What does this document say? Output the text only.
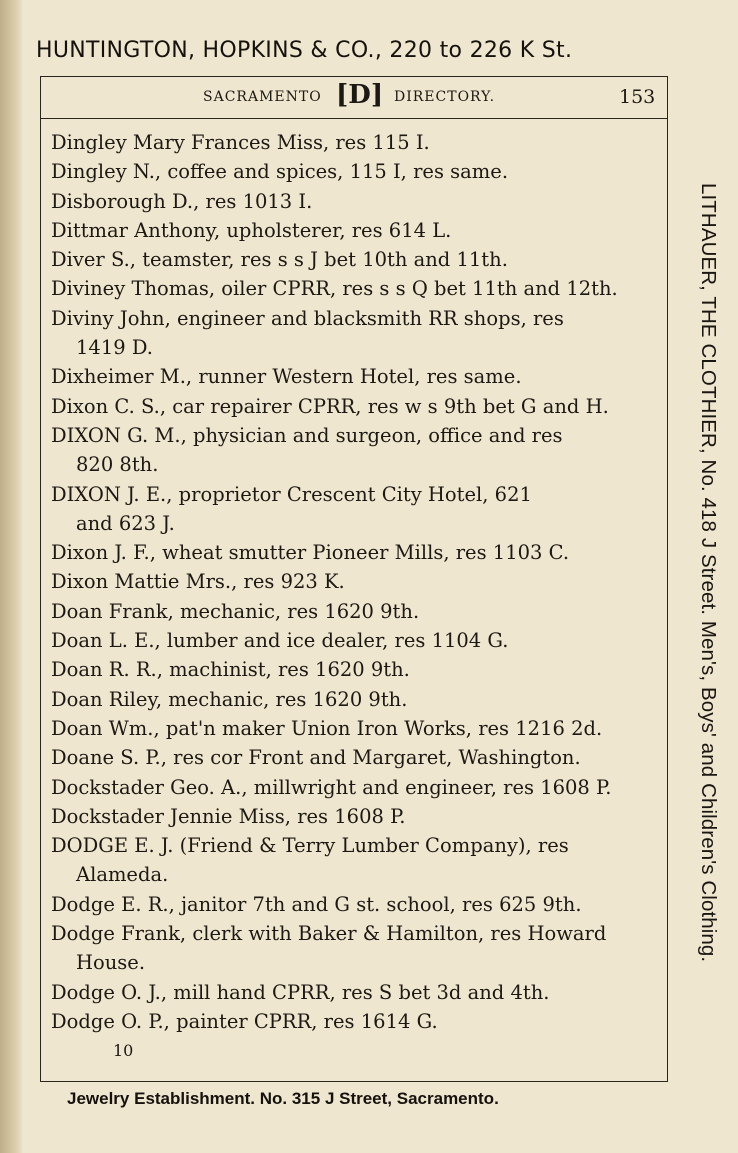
HUNTINGTON, HOPKINS & CO., 220 to 226 K St.
SACRAMENTO [D] DIRECTORY.	153
Dingley Mary Frances Miss, res 115 I.
Dingley N., coffee and spices, 115 I, res same.
Disborough D., res 1013 I.
Dittmar Anthony, upholsterer, res 614 L.
Diver S., teamster, res s s J bet 10th and 11th.
Diviney Thomas, oiler CPRR, res s s Q bet 11th and 12th.
Diviny John, engineer and blacksmith RR shops, res
1419 D.
Dixheimer M., runner Western Hotel, res same.
Dixon C. S., car repairer CPRR, res w s 9th bet G and H.
DIXON G. M., physician and surgeon, office and res
820 8th.
DIXON J. E., proprietor Crescent City Hotel, 621
and 623 J.
Dixon J. F., wheat smutter Pioneer Mills, res 1103 C.
Dixon Mattie Mrs., res 923 K.
Doan Frank, mechanic, res 1620 9th.
Doan L. E., lumber and ice dealer, res 1104 G.
Doan R. R., machinist, res 1620 9th.
Doan Riley, mechanic, res 1620 9th.
Doan Wm., pat'n maker Union Iron Works, res 1216 2d.
Doane S. P., res cor Front and Margaret, Washington.
Dockstader Geo. A., millwright and engineer, res 1608 P.
Dockstader Jennie Miss, res 1608 P.
DODGE E. J. (Friend & Terry Lumber Company), res
Alameda.
Dodge E. R., janitor 7th and G st. school, res 625 9th.
Dodge Frank, clerk with Baker & Hamilton, res Howard
House.
Dodge O. J., mill hand CPRR, res S bet 3d and 4th.
Dodge O. P., painter CPRR, res 1614 G.
10
LITHAUER, THE CLOTHIER, No. 418 J Street. Men's, Boys' and Children's Clothing.
Jewelry Establishment. No. 315 J Street, Sacramento.
